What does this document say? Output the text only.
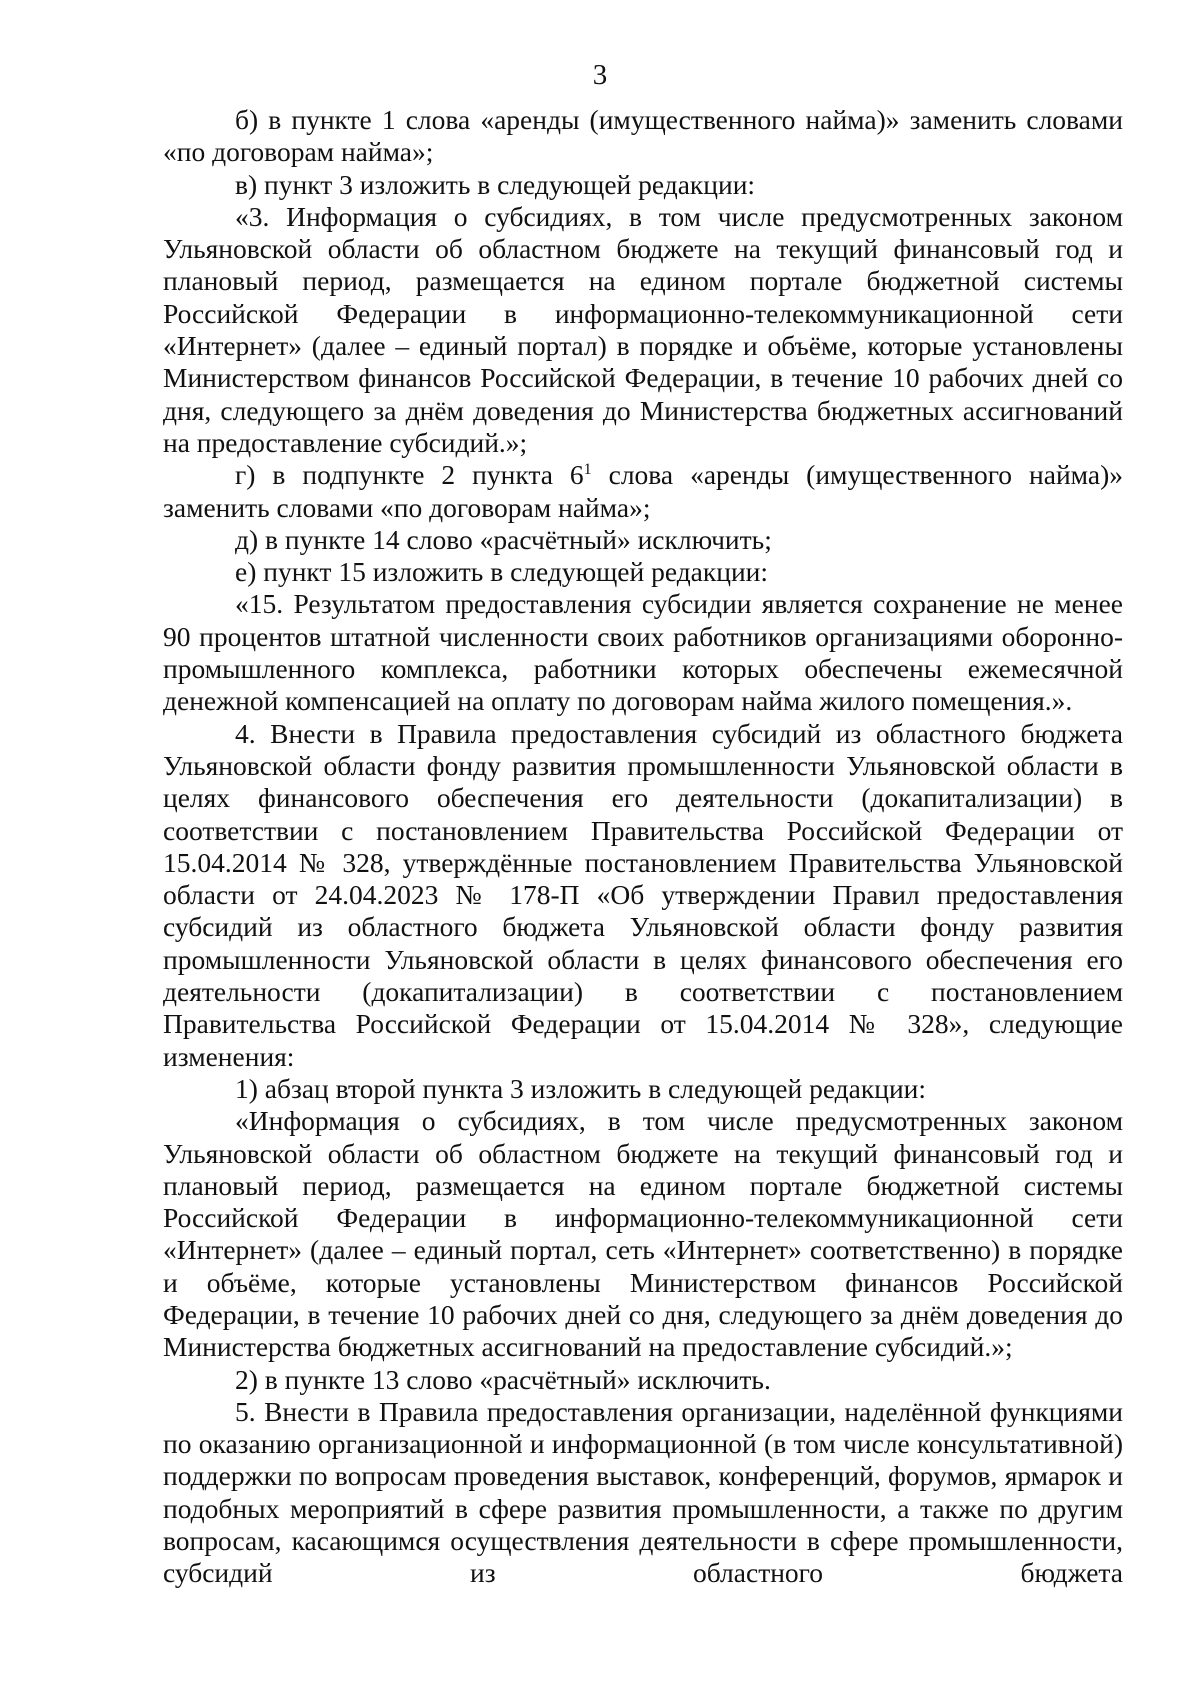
3

б) в пункте 1 слова «аренды (имущественного найма)» заменить словами «по договорам найма»;

в) пункт 3 изложить в следующей редакции:

«3. Информация о субсидиях, в том числе предусмотренных законом Ульяновской области об областном бюджете на текущий финансовый год и плановый период, размещается на едином портале бюджетной системы Российской Федерации в информационно-телекоммуникационной сети «Интернет» (далее – единый портал) в порядке и объёме, которые установлены Министерством финансов Российской Федерации, в течение 10 рабочих дней со дня, следующего за днём доведения до Министерства бюджетных ассигнований на предоставление субсидий.»;

г) в подпункте 2 пункта $6^1$ слова «аренды (имущественного найма)» заменить словами «по договорам найма»;

д) в пункте 14 слово «расчётный» исключить;

е) пункт 15 изложить в следующей редакции:

«15. Результатом предоставления субсидии является сохранение не менее 90 процентов штатной численности своих работников организациями оборонно-промышленного комплекса, работники которых обеспечены ежемесячной денежной компенсацией на оплату по договорам найма жилого помещения.».

4. Внести в Правила предоставления субсидий из областного бюджета Ульяновской области фонду развития промышленности Ульяновской области в целях финансового обеспечения его деятельности (докапитализации) в соответствии с постановлением Правительства Российской Федерации от 15.04.2014 № 328, утверждённые постановлением Правительства Ульяновской области от 24.04.2023 № 178-П «Об утверждении Правил предоставления субсидий из областного бюджета Ульяновской области фонду развития промышленности Ульяновской области в целях финансового обеспечения его деятельности (докапитализации) в соответствии с постановлением Правительства Российской Федерации от 15.04.2014 № 328», следующие изменения:

1) абзац второй пункта 3 изложить в следующей редакции:

«Информация о субсидиях, в том числе предусмотренных законом Ульяновской области об областном бюджете на текущий финансовый год и плановый период, размещается на едином портале бюджетной системы Российской Федерации в информационно-телекоммуникационной сети «Интернет» (далее – единый портал, сеть «Интернет» соответственно) в порядке и объёме, которые установлены Министерством финансов Российской Федерации, в течение 10 рабочих дней со дня, следующего за днём доведения до Министерства бюджетных ассигнований на предоставление субсидий.»;

2) в пункте 13 слово «расчётный» исключить.

5. Внести в Правила предоставления организации, наделённой функциями по оказанию организационной и информационной (в том числе консультативной) поддержки по вопросам проведения выставок, конференций, форумов, ярмарок и подобных мероприятий в сфере развития промышленности, а также по другим вопросам, касающимся осуществления деятельности в сфере промышленности, субсидий из областного бюджета
